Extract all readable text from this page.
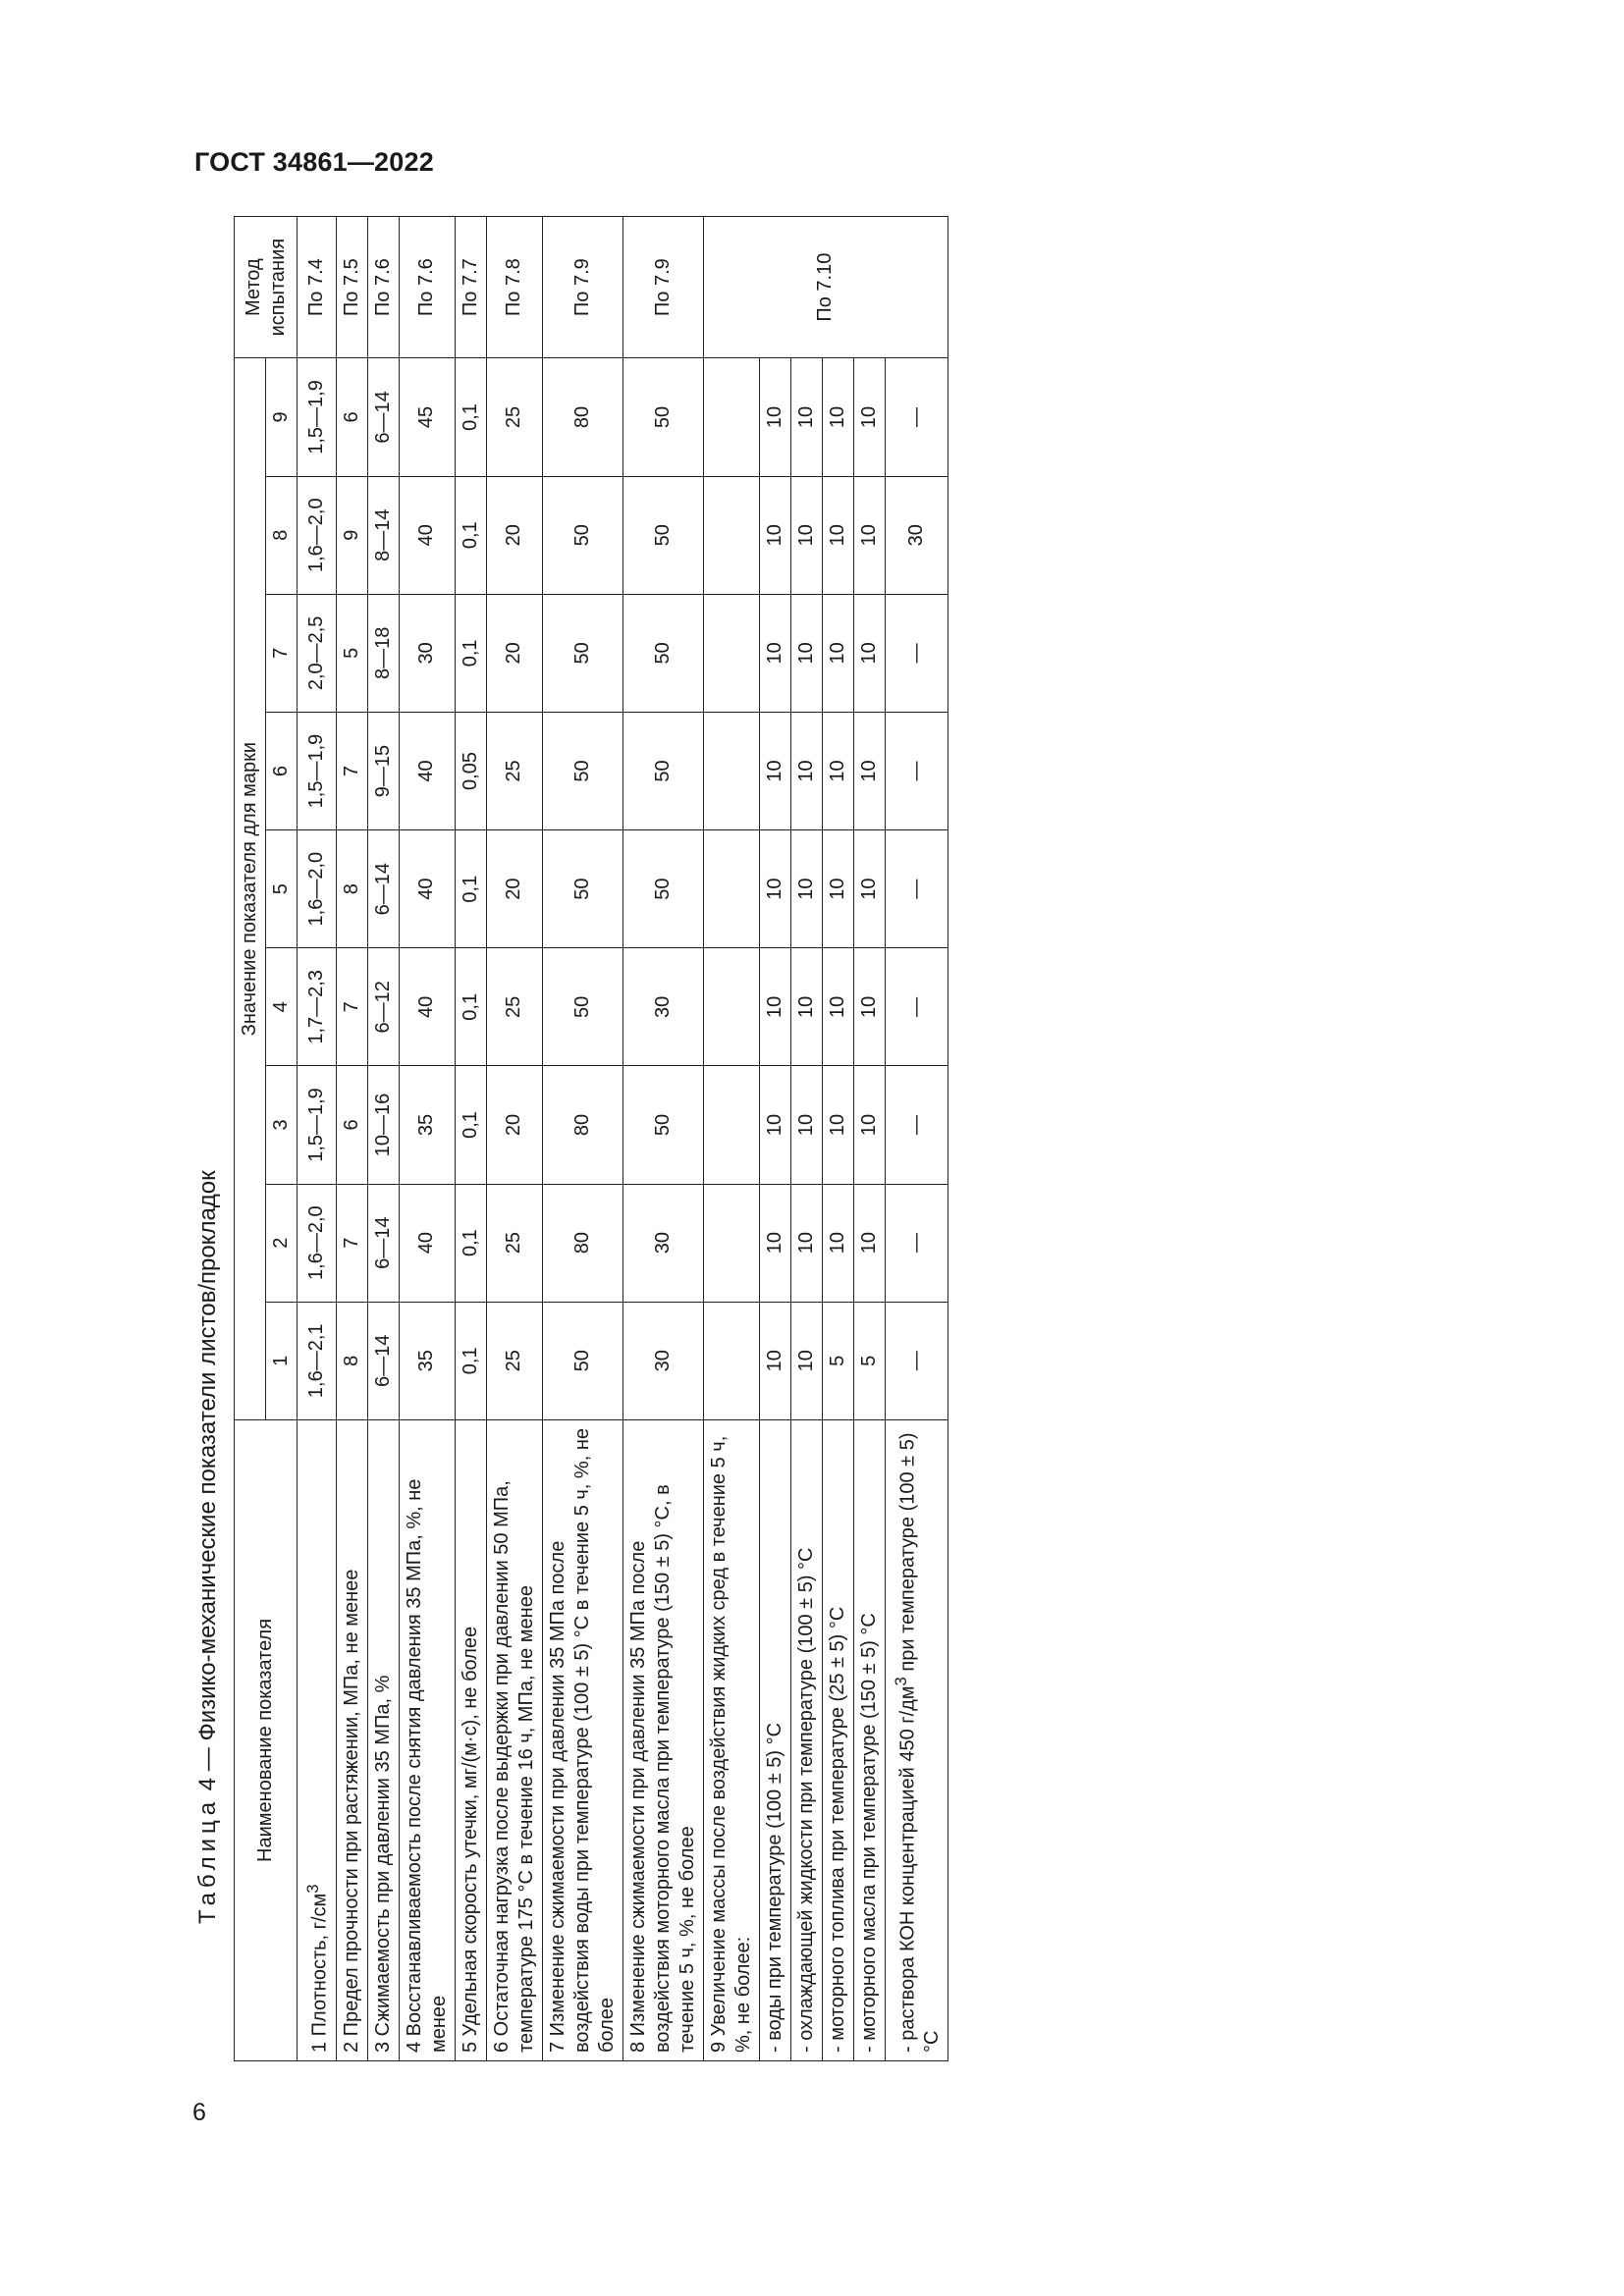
ГОСТ 34861—2022
Таблица 4 — Физико-механические показатели листов/прокладок Наименование показателя	Значение показателя для марки									Метод испытания
	1	2	3	4	5	6	7	8	9	
1 Плотность, $г/см^3$	1,6—2,1	1,6—2,0	1,5—1,9	1,7—2,3	1,6—2,0	1,5—1,9	2,0—2,5	1,6—2,0	1,5—1,9	По 7.4
2 Предел прочности при растяжении, МПа, не менее	8	7	6	7	8	7	5	9	6	По 7.5
3 Сжимаемость при давлении 35 МПа, %	6—14	6—14	10—16	6—12	6—14	9—15	8—18	8—14	6—14	По 7.6
4 Восстанавливаемость после снятия давления 35 МПа, %, не менее	35	40	35	40	40	40	30	40	45	По 7.6
5 Удельная скорость утечки, мг/(м·с), не более	0,1	0,1	0,1	0,1	0,1	0,05	0,1	0,1	0,1	По 7.7
6 Остаточная нагрузка после выдержки при давлении 50 МПа, температуре 175 °С в течение 16 ч, МПа, не менее	25	25	20	25	20	25	20	20	25	По 7.8
7 Изменение сжимаемости при давлении 35 МПа после воздействия воды при температуре (100 ± 5) °С в течение 5 ч, %, не более	50	80	80	50	50	50	50	50	80	По 7.9
8 Изменение сжимаемости при давлении 35 МПа после воздействия моторного масла при температуре (150 ± 5) °С, в течение 5 ч, %, не более	30	30	50	30	50	50	50	50	50	По 7.9
9 Увеличение массы после воздействия жидких сред в течение 5 ч, %, не более:										По 7.10
- воды при температуре (100 ± 5) °С	10	10	10	10	10	10	10	10	10	
- охлаждающей жидкости при температуре (100 ± 5) °С	10	10	10	10	10	10	10	10	10	
- моторного топлива при температуре (25 ± 5) °С	5	10	10	10	10	10	10	10	10	
- моторного масла при температуре (150 ± 5) °С	5	10	10	10	10	10	10	10	10	
- раствора КОН концентрацией 450 $г/дм^3$ при температуре (100 ± 5) °С	—	—	—	—	—	—	—	30	—	
6
